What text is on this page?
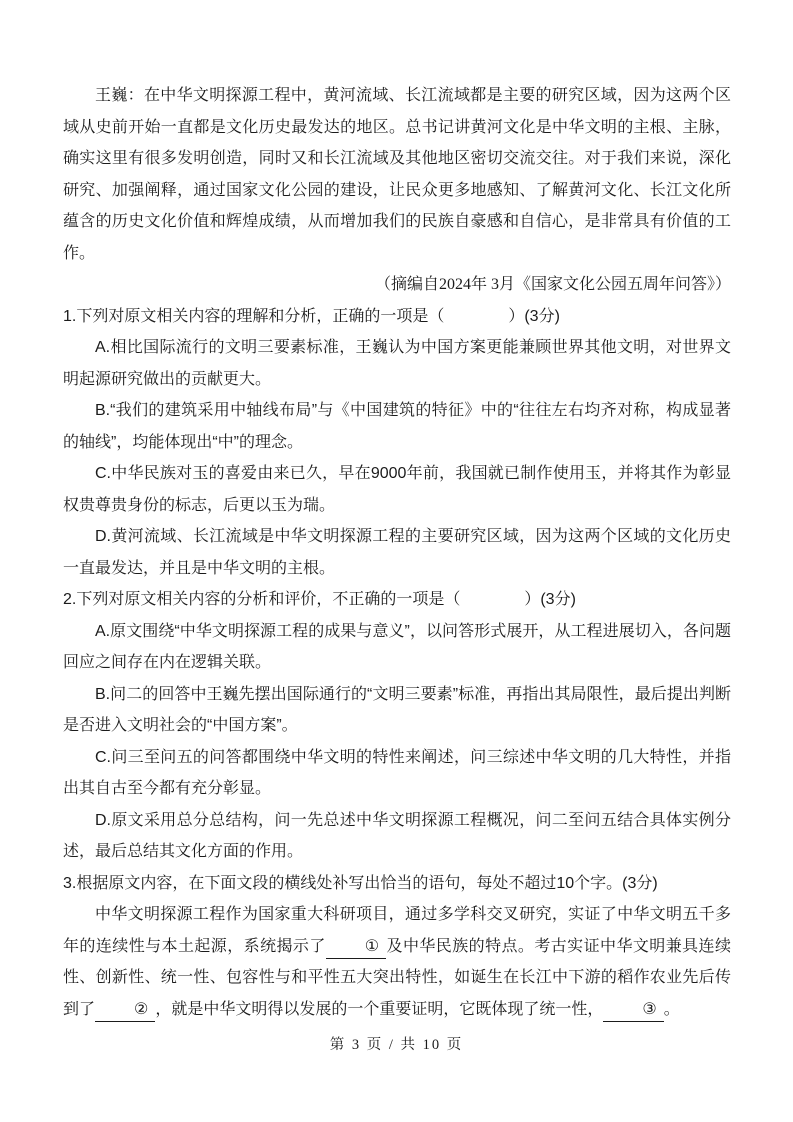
王巍：在中华文明探源工程中，黄河流域、长江流域都是主要的研究区域，因为这两个区域从史前开始一直都是文化历史最发达的地区。总书记讲黄河文化是中华文明的主根、主脉，确实这里有很多发明创造，同时又和长江流域及其他地区密切交流交往。对于我们来说，深化研究、加强阐释，通过国家文化公园的建设，让民众更多地感知、了解黄河文化、长江文化所蕴含的历史文化价值和辉煌成绩，从而增加我们的民族自豪感和自信心，是非常具有价值的工作。

（摘编自2024年 3月《国家文化公园五周年问答》）

1.下列对原文相关内容的理解和分析，正确的一项是（　　　　）(3分)

A.相比国际流行的文明三要素标准，王巍认为中国方案更能兼顾世界其他文明，对世界文明起源研究做出的贡献更大。

B.“我们的建筑采用中轴线布局”与《中国建筑的特征》中的“往往左右均齐对称，构成显著的轴线”，均能体现出“中”的理念。

C.中华民族对玉的喜爱由来已久，早在9000年前，我国就已制作使用玉，并将其作为彰显权贵尊贵身份的标志，后更以玉为瑞。

D.黄河流域、长江流域是中华文明探源工程的主要研究区域，因为这两个区域的文化历史一直最发达，并且是中华文明的主根。

2.下列对原文相关内容的分析和评价，不正确的一项是（　　　　）(3分)

A.原文围绕“中华文明探源工程的成果与意义”，以问答形式展开，从工程进展切入，各问题回应之间存在内在逻辑关联。

B.问二的回答中王巍先摆出国际通行的“文明三要素”标准，再指出其局限性，最后提出判断是否进入文明社会的“中国方案”。

C.问三至问五的问答都围绕中华文明的特性来阐述，问三综述中华文明的几大特性，并指出其自古至今都有充分彰显。

D.原文采用总分总结构，问一先总述中华文明探源工程概况，问二至问五结合具体实例分述，最后总结其文化方面的作用。

3.根据原文内容，在下面文段的横线处补写出恰当的语句，每处不超过10个字。(3分)

中华文明探源工程作为国家重大科研项目，通过多学科交叉研究，实证了中华文明五千多年的连续性与本土起源，系统揭示了 ① 及中华民族的特点。考古实证中华文明兼具连续性、创新性、统一性、包容性与和平性五大突出特性，如诞生在长江中下游的稻作农业先后传到了 ② ，就是中华文明得以发展的一个重要证明，它既体现了统一性， ③ 。

第 3 页 / 共 10 页
